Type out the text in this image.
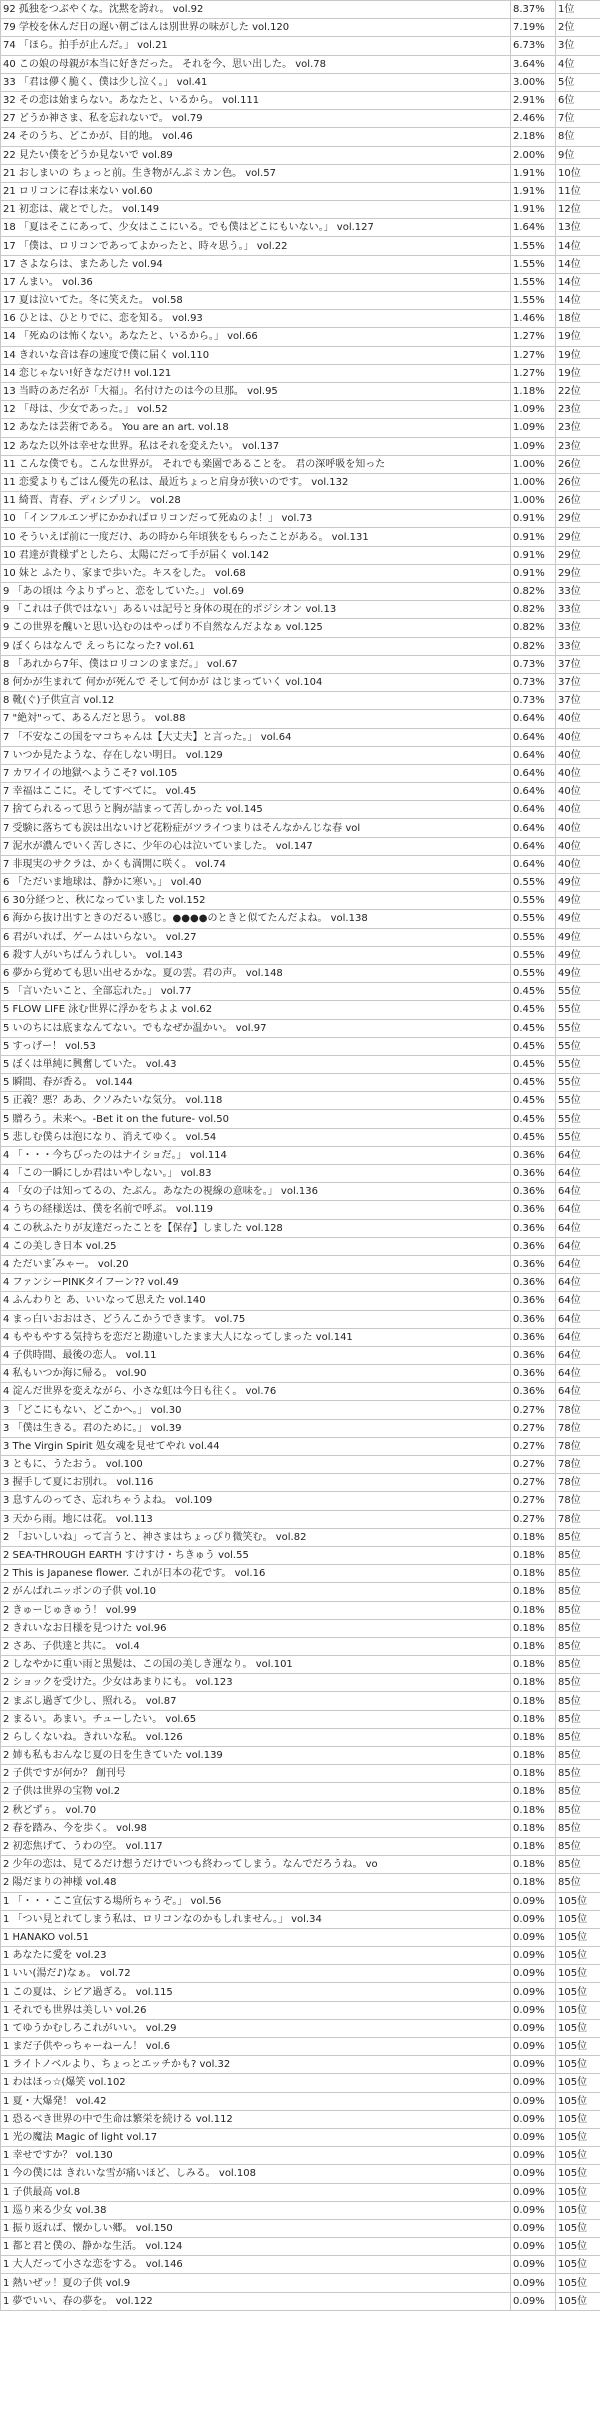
92 孤独をつぶやくな。沈黙を誇れ。 vol.92	8.37%	1位
79 学校を休んだ日の遅い朝ごはんは別世界の味がした vol.120	7.19%	2位
74 「ほら。拍手が止んだ。」 vol.21	6.73%	3位
40 この娘の母親が本当に好きだった。 それを今、思い出した。 vol.78	3.64%	4位
33 「君は儚く脆く、僕は少し泣く。」 vol.41	3.00%	5位
32 その恋は始まらない。あなたと、いるから。 vol.111	2.91%	6位
27 どうか神さま、私を忘れないで。 vol.79	2.46%	7位
24 そのうち、どこかが、目的地。 vol.46	2.18%	8位
22 見たい僕をどうか見ないで vol.89	2.00%	9位
21 おしまいの ちょっと前。生き物がんぷミカン色。 vol.57	1.91%	10位
21 ロリコンに春は来ない vol.60	1.91%	11位
21 初恋は、歳とでした。 vol.149	1.91%	12位
18 「夏はそこにあって、少女はここにいる。でも僕はどこにもいない。」 vol.127	1.64%	13位
17 「僕は、ロリコンであってよかったと、時々思う。」 vol.22	1.55%	14位
17 さよならは、またあした vol.94	1.55%	14位
17 んまい。 vol.36	1.55%	14位
17 夏は泣いてた。冬に笑えた。 vol.58	1.55%	14位
16 ひとは、ひとりでに、恋を知る。 vol.93	1.46%	18位
14 「死ぬのは怖くない。あなたと、いるから。」 vol.66	1.27%	19位
14 きれいな音は春の速度で僕に届く vol.110	1.27%	19位
14 恋じゃない!好きなだけ!! vol.121	1.27%	19位
13 当時のあだ名が「大福」。名付けたのは今の旦那。 vol.95	1.18%	22位
12 「母は、少女であった。」 vol.52	1.09%	23位
12 あなたは芸術である。 You are an art. vol.18	1.09%	23位
12 あなた以外は幸せな世界。私はそれを変えたい。 vol.137	1.09%	23位
11 こんな僕でも。こんな世界が。 それでも楽園であることを。 君の深呼吸を知った	1.00%	26位
11 恋愛よりもごはん優先の私は、最近ちょっと肩身が狭いのです。 vol.132	1.00%	26位
11 綺晋、青春、ディシプリン。 vol.28	1.00%	26位
10 「インフルエンザにかかればロリコンだって死ぬのよ！」 vol.73	0.91%	29位
10 そういえば前に一度だけ、あの時から年頃狭をもらったことがある。 vol.131	0.91%	29位
10 君達が貴様ずとしたら、太陽にだって手が届く vol.142	0.91%	29位
10 妹と ふたり、家まで歩いた。キスをした。 vol.68	0.91%	29位
9 「あの頃は 今よりずっと、恋をしていた。」 vol.69	0.82%	33位
9 「これは子供ではない」あるいは記号と身体の現在的ポジシオン vol.13	0.82%	33位
9 この世界を醜いと思い込むのはやっぱり不自然なんだよなぁ vol.125	0.82%	33位
9 ぼくらはなんで えっちになった? vol.61	0.82%	33位
8 「あれから7年、僕はロリコンのままだ。」 vol.67	0.73%	37位
8 何かが生まれて 何かが死んで そして何かが はじまっていく vol.104	0.73%	37位
8 靴(ぐ)子供宣言 vol.12	0.73%	37位
7 "絶対"って、あるんだと思う。 vol.88	0.64%	40位
7 「不安なこの国をマコちゃんは【大丈夫】と言った。」 vol.64	0.64%	40位
7 いつか見たような、存在しない明日。 vol.129	0.64%	40位
7 カワイイの地獄へようこそ? vol.105	0.64%	40位
7 幸福はここに。そしてすべてに。 vol.45	0.64%	40位
7 捨てられるって思うと胸が詰まって苦しかった vol.145	0.64%	40位
7 受験に落ちても涙は出ないけど花粉症がツライつまりはそんなかんじな春 vol	0.64%	40位
7 泥水が濃んでいく苦しさに、少年の心は泣いていました。 vol.147	0.64%	40位
7 非現実のサクラは、かくも満開に咲く。 vol.74	0.64%	40位
6 「ただいま地球は、静かに寒い。」 vol.40	0.55%	49位
6 30分経つと、秋になっていました vol.152	0.55%	49位
6 海から抜け出すときのだるい感じ。●●●●のときと似てたんだよね。 vol.138	0.55%	49位
6 君がいれば、ゲームはいらない。 vol.27	0.55%	49位
6 殺す人がいちばんうれしい。 vol.143	0.55%	49位
6 夢から覚めても思い出せるかな。夏の雲。君の声。 vol.148	0.55%	49位
5 「言いたいこと、全部忘れた。」 vol.77	0.45%	55位
5 FLOW LIFE 泳む世界に浮かをちよよ vol.62	0.45%	55位
5 いのちには底まなんてない。でもなぜか温かい。 vol.97	0.45%	55位
5 すっげー！ vol.53	0.45%	55位
5 ぼくは単純に興奮していた。 vol.43	0.45%	55位
5 瞬間、春が香る。 vol.144	0.45%	55位
5 正義？悪？ああ、クソみたいな気分。 vol.118	0.45%	55位
5 贈ろう。未来へ。-Bet it on the future- vol.50	0.45%	55位
5 悲しむ僕らは泡になり、消えてゆく。 vol.54	0.45%	55位
4 「・・・今ちびったのはナイショだ。」 vol.114	0.36%	64位
4 「この一瞬にしか君はいやしない。」 vol.83	0.36%	64位
4 「女の子は知ってるの、たぶん。あなたの視線の意味を。」 vol.136	0.36%	64位
4 うちの経様送は、僕を名前で呼ぶ。 vol.119	0.36%	64位
4 この秋ふたりが友達だったことを【保存】しました vol.128	0.36%	64位
4 この美しき日本 vol.25	0.36%	64位
4 ただいま ゙みゃー。 vol.20	0.36%	64位
4 ファンシーPINKタイフーン?? vol.49	0.36%	64位
4 ふんわりと あ、いいなって思えた vol.140	0.36%	64位
4 まっ白いおおはさ、どうんこかうできます。 vol.75	0.36%	64位
4 もやもやする気持ちを恋だと勘違いしたまま大人になってしまった vol.141	0.36%	64位
4 子供時間、最後の恋人。 vol.11	0.36%	64位
4 私もいつか海に帰る。 vol.90	0.36%	64位
4 淀んだ世界を変えながら、小さな虹は今日も往く。 vol.76	0.36%	64位
3 「どこにもない、どこかへ。」 vol.30	0.27%	78位
3 「僕は生きる。君のために。」 vol.39	0.27%	78位
3 The Virgin Spirit 処女魂を見せてやれ vol.44	0.27%	78位
3 ともに、うたおう。 vol.100	0.27%	78位
3 握手して夏にお別れ。 vol.116	0.27%	78位
3 息すんのってさ、忘れちゃうよね。 vol.109	0.27%	78位
3 天から雨。地には花。 vol.113	0.27%	78位
2 「おいしいね」って言うと、神さまはちょっぴり微笑む。 vol.82	0.18%	85位
2 SEA-THROUGH EARTH すけすけ・ちきゅう vol.55	0.18%	85位
2 This is Japanese flower. これが日本の花です。 vol.16	0.18%	85位
2 がんばれニッポンの子供 vol.10	0.18%	85位
2 きゅーじゅきゅう！ vol.99	0.18%	85位
2 きれいなお日様を見つけた vol.96	0.18%	85位
2 さあ、子供達と共に。 vol.4	0.18%	85位
2 しなやかに重い雨と黒髪は、この国の美しき運なり。 vol.101	0.18%	85位
2 ショックを受けた。少女はあまりにも。 vol.123	0.18%	85位
2 まぶし過ぎて少し、照れる。 vol.87	0.18%	85位
2 まるい。あまい。チューしたい。 vol.65	0.18%	85位
2 らしくないね。きれいな私。 vol.126	0.18%	85位
2 姉も私もおんなじ夏の日を生きていた vol.139	0.18%	85位
2 子供ですが何か？ 創刊号	0.18%	85位
2 子供は世界の宝物 vol.2	0.18%	85位
2 秋どずぅ。 vol.70	0.18%	85位
2 春を踏み、今を歩く。 vol.98	0.18%	85位
2 初恋焦げて、うわの空。 vol.117	0.18%	85位
2 少年の恋は、見てるだけ想うだけでいつも終わってしまう。なんでだろうね。 vo	0.18%	85位
2 陽だまりの神様 vol.48	0.18%	85位
1 「・・・ここ宣伝する場所ちゃうぞ。」 vol.56	0.09%	105位
1 「つい見とれてしまう私は、ロリコンなのかもしれません。」 vol.34	0.09%	105位
1 HANAKO vol.51	0.09%	105位
1 あなたに愛を vol.23	0.09%	105位
1 いい(湯だ♪)なぁ。 vol.72	0.09%	105位
1 この夏は、シビア過ぎる。 vol.115	0.09%	105位
1 それでも世界は美しい vol.26	0.09%	105位
1 てゆうかむしろこれがいい。 vol.29	0.09%	105位
1 まだ子供やっちゃーねーん！ vol.6	0.09%	105位
1 ライトノベルより、ちょっとエッチかも? vol.32	0.09%	105位
1 わはほっ☆(爆笑 vol.102	0.09%	105位
1 夏・大爆発！ vol.42	0.09%	105位
1 恐るべき世界の中で生命は繁栄を続ける vol.112	0.09%	105位
1 光の魔法 Magic of light vol.17	0.09%	105位
1 幸せですか？ vol.130	0.09%	105位
1 今の僕には きれいな雪が痛いほど、しみる。 vol.108	0.09%	105位
1 子供最高 vol.8	0.09%	105位
1 巡り来る少女 vol.38	0.09%	105位
1 振り返れば、懐かしい郷。 vol.150	0.09%	105位
1 都と君と僕の、静かな生活。 vol.124	0.09%	105位
1 大人だって小さな恋をする。 vol.146	0.09%	105位
1 熱いぜッ！夏の子供 vol.9	0.09%	105位
1 夢でいい、春の夢を。 vol.122	0.09%	105位
